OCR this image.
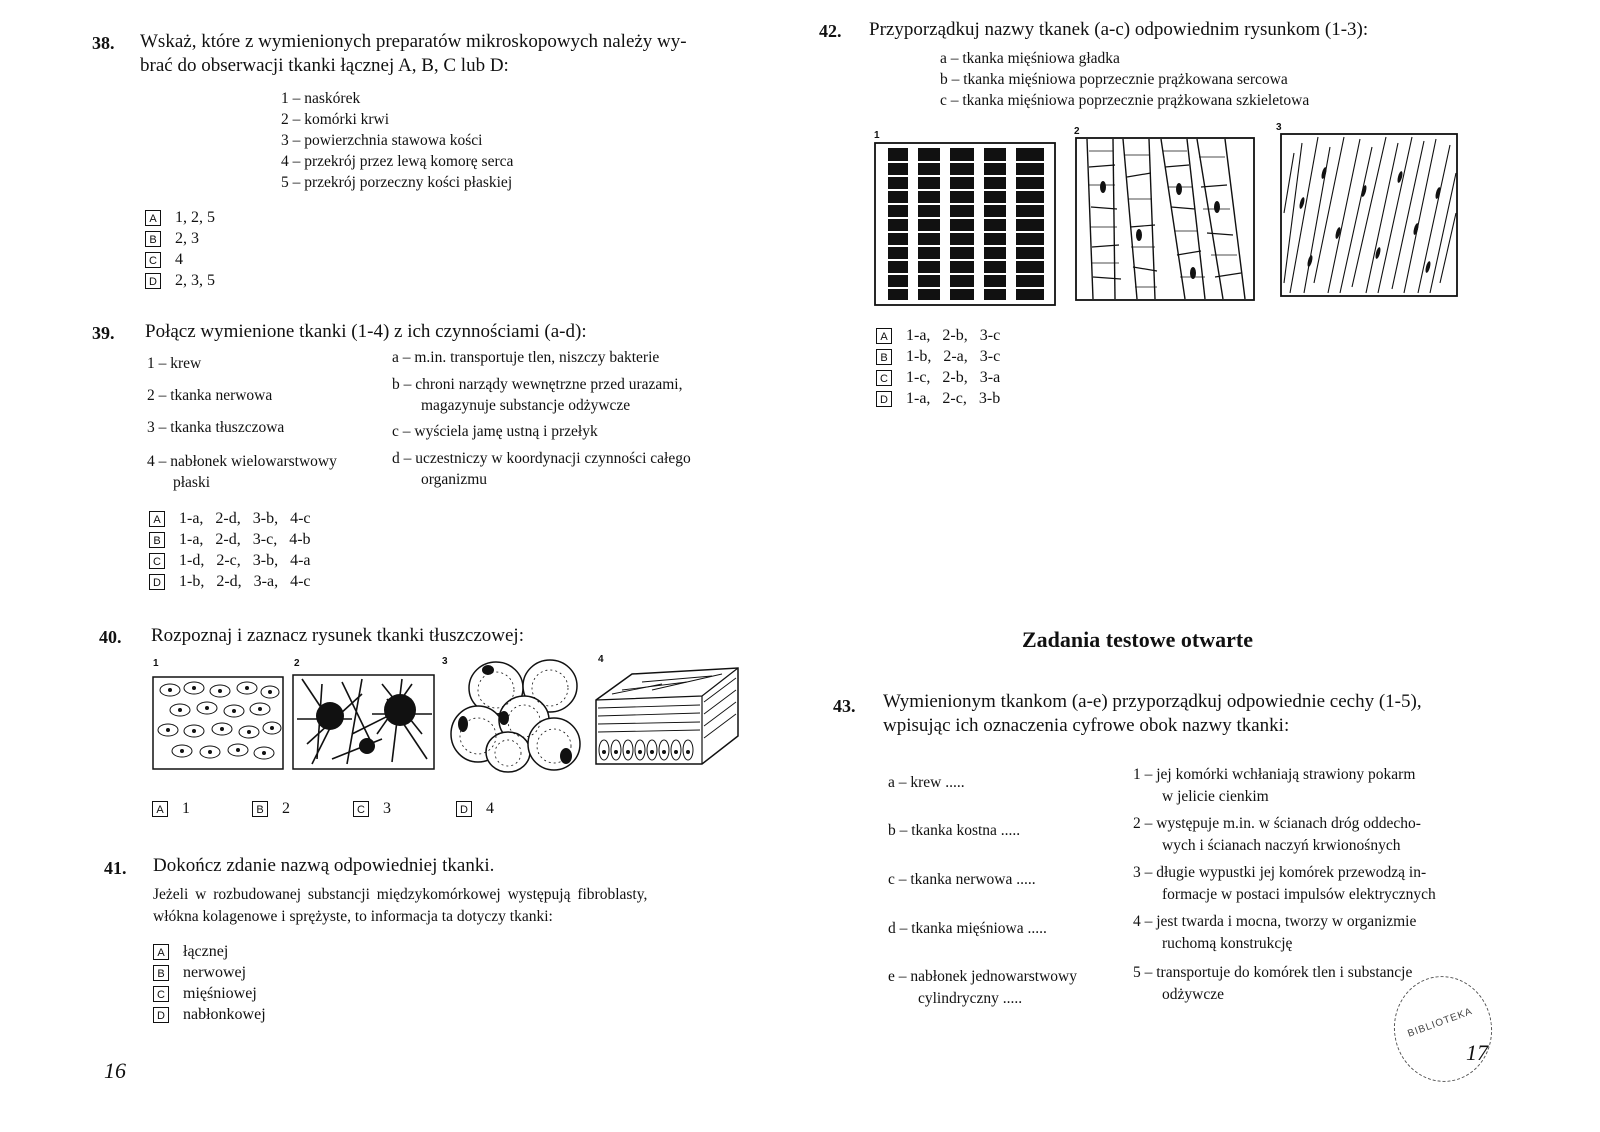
38. Wskaż, które z wymienionych preparatów mikroskopowych należy wy-
brać do obserwacji tkanki łącznej A, B, C lub D:
1 – naskórek
2 – komórki krwi
3 – powierzchnia stawowa kości
4 – przekrój przez lewą komorę serca
5 – przekrój porzeczny kości płaskiej
A 1, 2, 5
B 2, 3
C 4
D 2, 3, 5
39. Połącz wymienione tkanki (1-4) z ich czynnościami (a-d):
1 – krew
2 – tkanka nerwowa
3 – tkanka tłuszczowa
4 – nabłonek wielowarstwowy
płaski
a – m.in. transportuje tlen, niszczy bakterie
b – chroni narządy wewnętrzne przed urazami,
magazynuje substancje odżywcze
c – wyściela jamę ustną i przełyk
d – uczestniczy w koordynacji czynności całego
organizmu
A 1-a,   2-d,   3-b,   4-c
B 1-a,   2-d,   3-c,   4-b
C 1-d,   2-c,   3-b,   4-a
D 1-b,   2-d,   3-a,   4-c
40. Rozpoznaj i zaznacz rysunek tkanki tłuszczowej:
1	2	3	4
A 1	B 2	C 3	D 4
41. Dokończ zdanie nazwą odpowiedniej tkanki.
Jeżeli w rozbudowanej substancji międzykomórkowej występują fibroblasty,
włókna kolagenowe i sprężyste, to informacja ta dotyczy tkanki:
A łącznej
B nerwowej
C mięśniowej
D nabłonkowej
16
42. Przyporządkuj nazwy tkanek (a-c) odpowiednim rysunkom (1-3):
a – tkanka mięśniowa gładka
b – tkanka mięśniowa poprzecznie prążkowana sercowa
c – tkanka mięśniowa poprzecznie prążkowana szkieletowa
1	2	3
A 1-a,   2-b,   3-c
B 1-b,   2-a,   3-c
C 1-c,   2-b,   3-a
D 1-a,   2-c,   3-b
Zadania testowe otwarte
43. Wymienionym tkankom (a-e) przyporządkuj odpowiednie cechy (1-5),
wpisując ich oznaczenia cyfrowe obok nazwy tkanki:
a – krew .....
b – tkanka kostna .....
c – tkanka nerwowa .....
d – tkanka mięśniowa .....
e – nabłonek jednowarstwowy
cylindryczny .....
1 – jej komórki wchłaniają strawiony pokarm
w jelicie cienkim
2 – występuje m.in. w ścianach dróg oddecho-
wych i ścianach naczyń krwionośnych
3 – długie wypustki jej komórek przewodzą in-
formacje w postaci impulsów elektrycznych
4 – jest twarda i mocna, tworzy w organizmie
ruchomą konstrukcję
5 – transportuje do komórek tlen i substancje
odżywcze
BIBLIOTEKA
17
